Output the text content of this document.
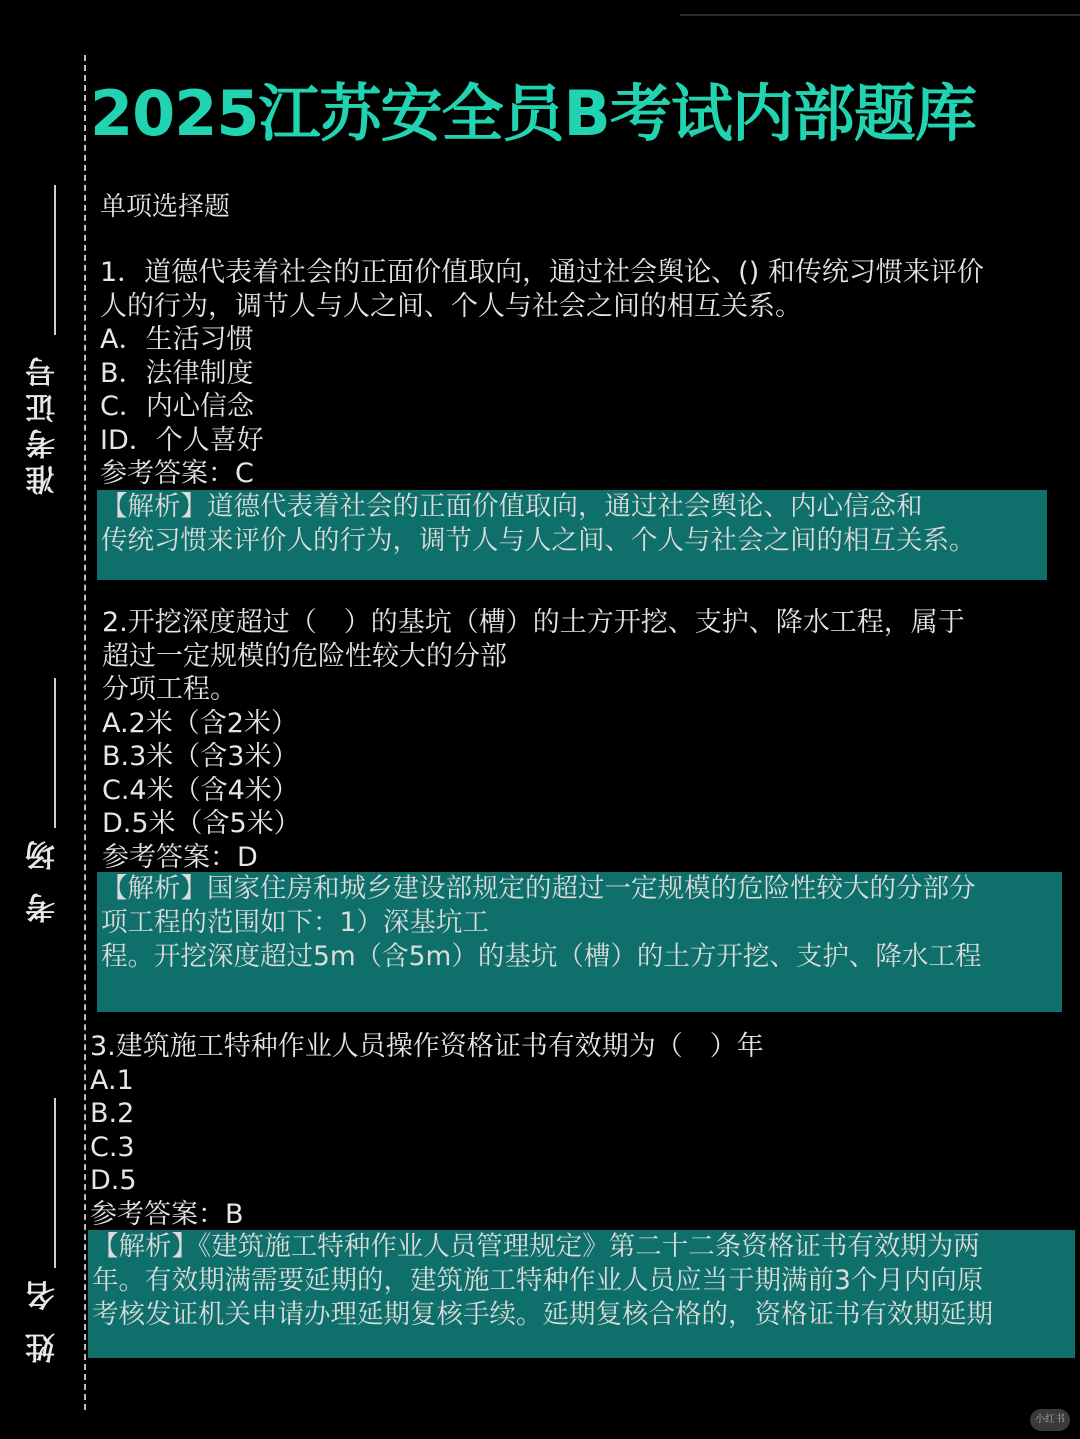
准考证号
考 场
姓 名
2025江苏安全员B考试内部题库
单项选择题
1．道德代表着社会的正面价值取向，通过社会舆论、() 和传统习惯来评价
人的行为，调节人与人之间、个人与社会之间的相互关系。
A．生活习惯
B．法律制度
C．内心信念
ID．个人喜好
参考答案：C
【解析】道德代表着社会的正面价值取向，通过社会舆论、内心信念和
传统习惯来评价人的行为，调节人与人之间、个人与社会之间的相互关系。
2.开挖深度超过（　）的基坑（槽）的土方开挖、支护、降水工程，属于
超过一定规模的危险性较大的分部
分项工程。
A.2米（含2米）
B.3米（含3米）
C.4米（含4米）
D.5米（含5米）
参考答案：D
【解析】国家住房和城乡建设部规定的超过一定规模的危险性较大的分部分
项工程的范围如下：1）深基坑工
程。开挖深度超过5m（含5m）的基坑（槽）的土方开挖、支护、降水工程
3.建筑施工特种作业人员操作资格证书有效期为（　）年
A.1
B.2
C.3
D.5
参考答案：B
【解析】《建筑施工特种作业人员管理规定》第二十二条资格证书有效期为两
年。有效期满需要延期的，建筑施工特种作业人员应当于期满前3个月内向原
考核发证机关申请办理延期复核手续。延期复核合格的，资格证书有效期延期
小红书
